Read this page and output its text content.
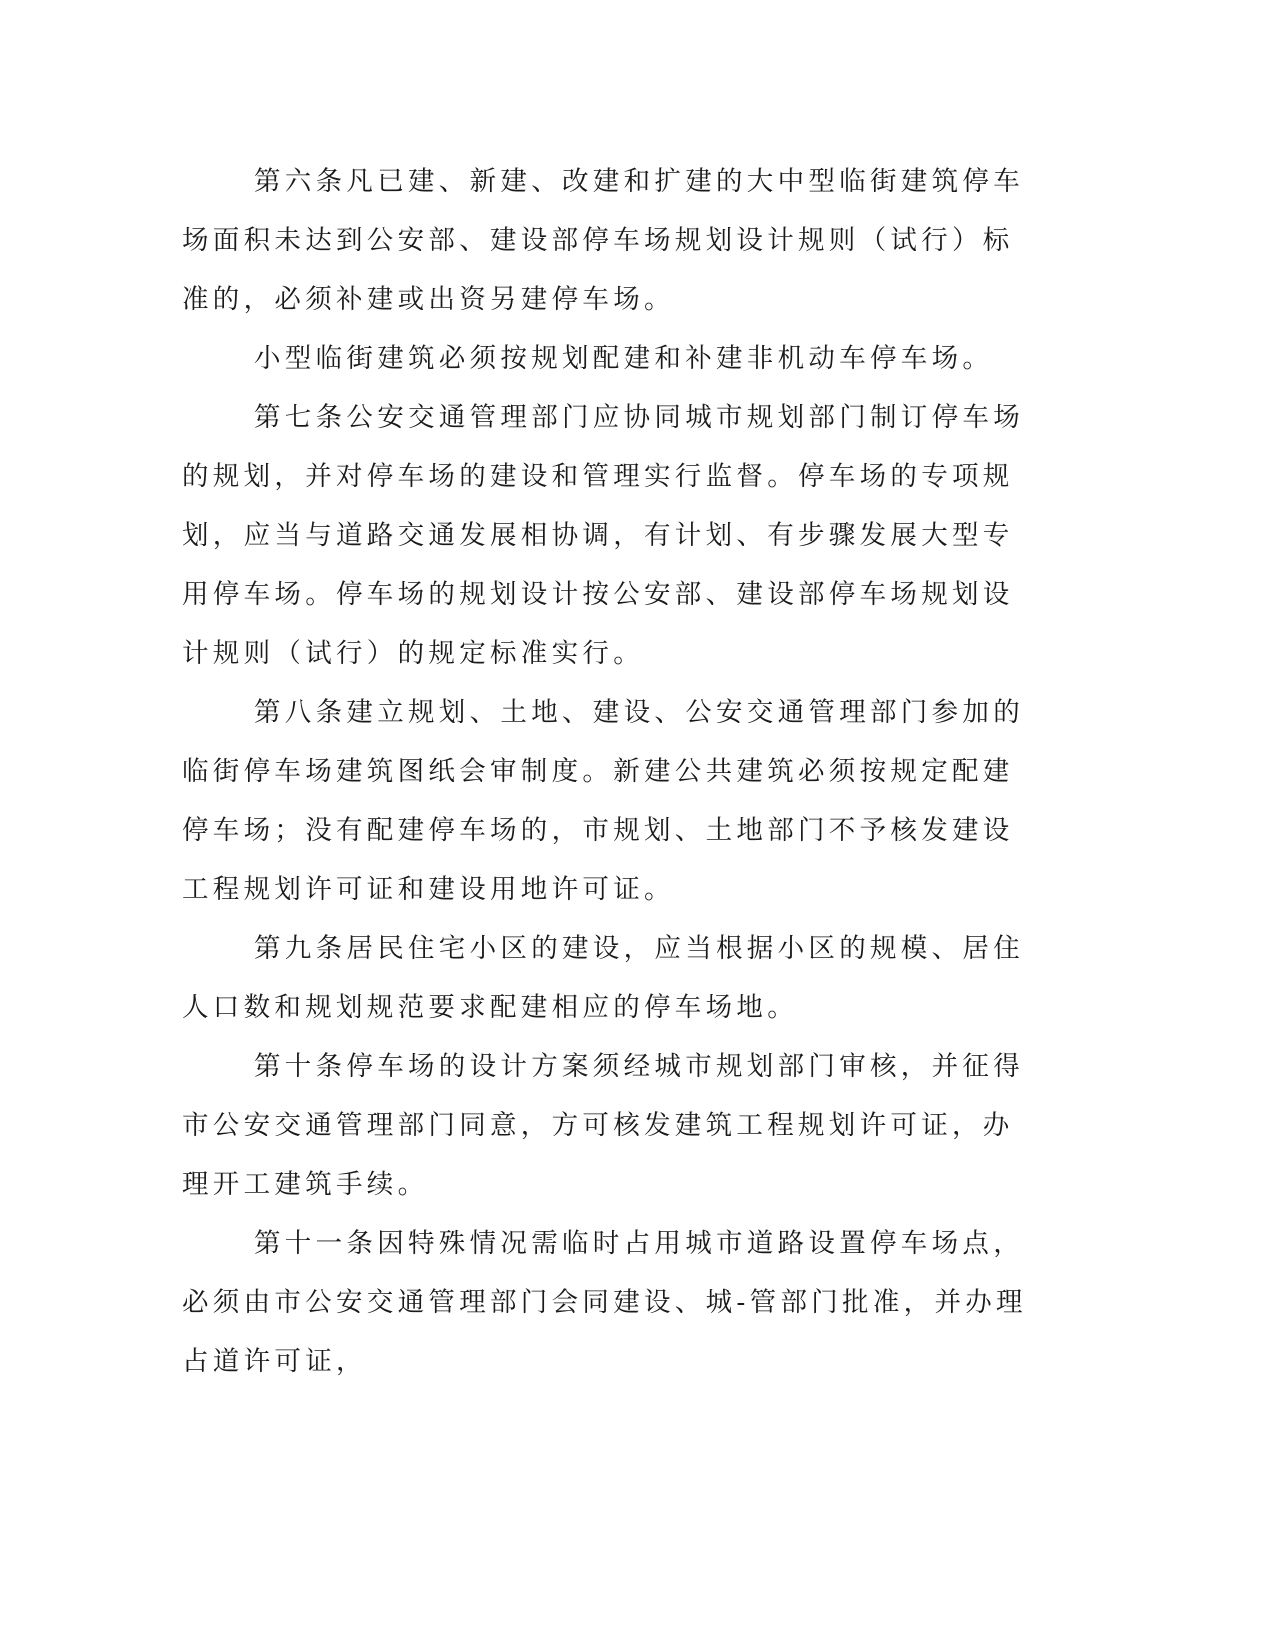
第六条凡已建、新建、改建和扩建的大中型临街建筑停车场面积未达到公安部、建设部停车场规划设计规则（试行）标准的，必须补建或出资另建停车场。

小型临街建筑必须按规划配建和补建非机动车停车场。

第七条公安交通管理部门应协同城市规划部门制订停车场的规划，并对停车场的建设和管理实行监督。停车场的专项规划，应当与道路交通发展相协调，有计划、有步骤发展大型专用停车场。停车场的规划设计按公安部、建设部停车场规划设计规则（试行）的规定标准实行。

第八条建立规划、土地、建设、公安交通管理部门参加的临街停车场建筑图纸会审制度。新建公共建筑必须按规定配建停车场；没有配建停车场的，市规划、土地部门不予核发建设工程规划许可证和建设用地许可证。

第九条居民住宅小区的建设，应当根据小区的规模、居住人口数和规划规范要求配建相应的停车场地。

第十条停车场的设计方案须经城市规划部门审核，并征得市公安交通管理部门同意，方可核发建筑工程规划许可证，办理开工建筑手续。

第十一条因特殊情况需临时占用城市道路设置停车场点，必须由市公安交通管理部门会同建设、城-管部门批准，并办理占道许可证，
